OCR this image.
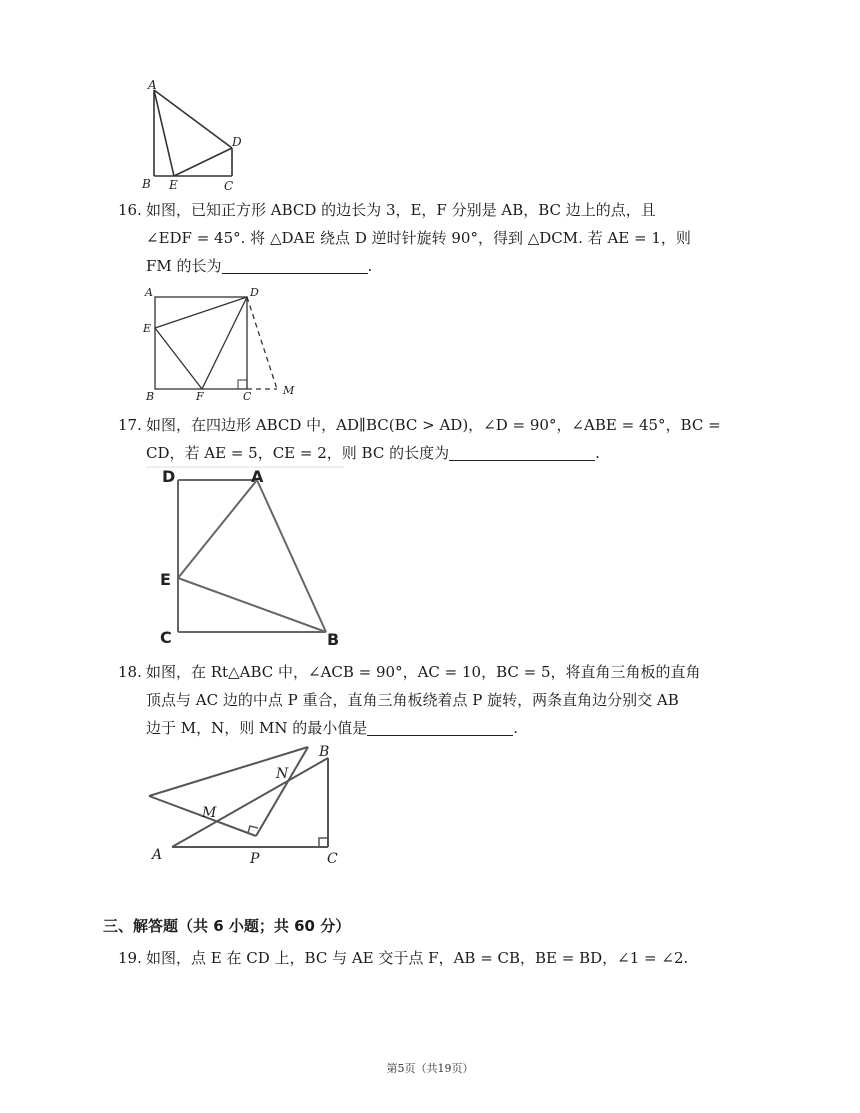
A
B E	C
D
16. 如图，已知正方形 ABCD 的边长为 3，E，F 分别是 AB，BC 边上的点，且
∠EDF = 45°. 将 △DAE 绕点 D 逆时针旋转 90°，得到 △DCM. 若 AE = 1，则
FM 的长为	.
A	D
E
B	F	C	M
17. 如图，在四边形 ABCD 中，AD∥BC(BC > AD)，∠D = 90°，∠ABE = 45°，BC =
CD，若 AE = 5，CE = 2，则 BC 的长度为	.
D	A
E
C	B
18. 如图，在 Rt△ABC 中，∠ACB = 90°，AC = 10，BC = 5，将直角三角板的直角
顶点与 AC 边的中点 P 重合，直角三角板绕着点 P 旋转，两条直角边分别交 AB
边于 M，N，则 MN 的最小值是	.
B
N
M
A	P	C
三、解答题（共 6 小题；共 60 分）
19. 如图，点 E 在 CD 上，BC 与 AE 交于点 F，AB = CB，BE = BD，∠1 = ∠2.
第5页（共19页）
